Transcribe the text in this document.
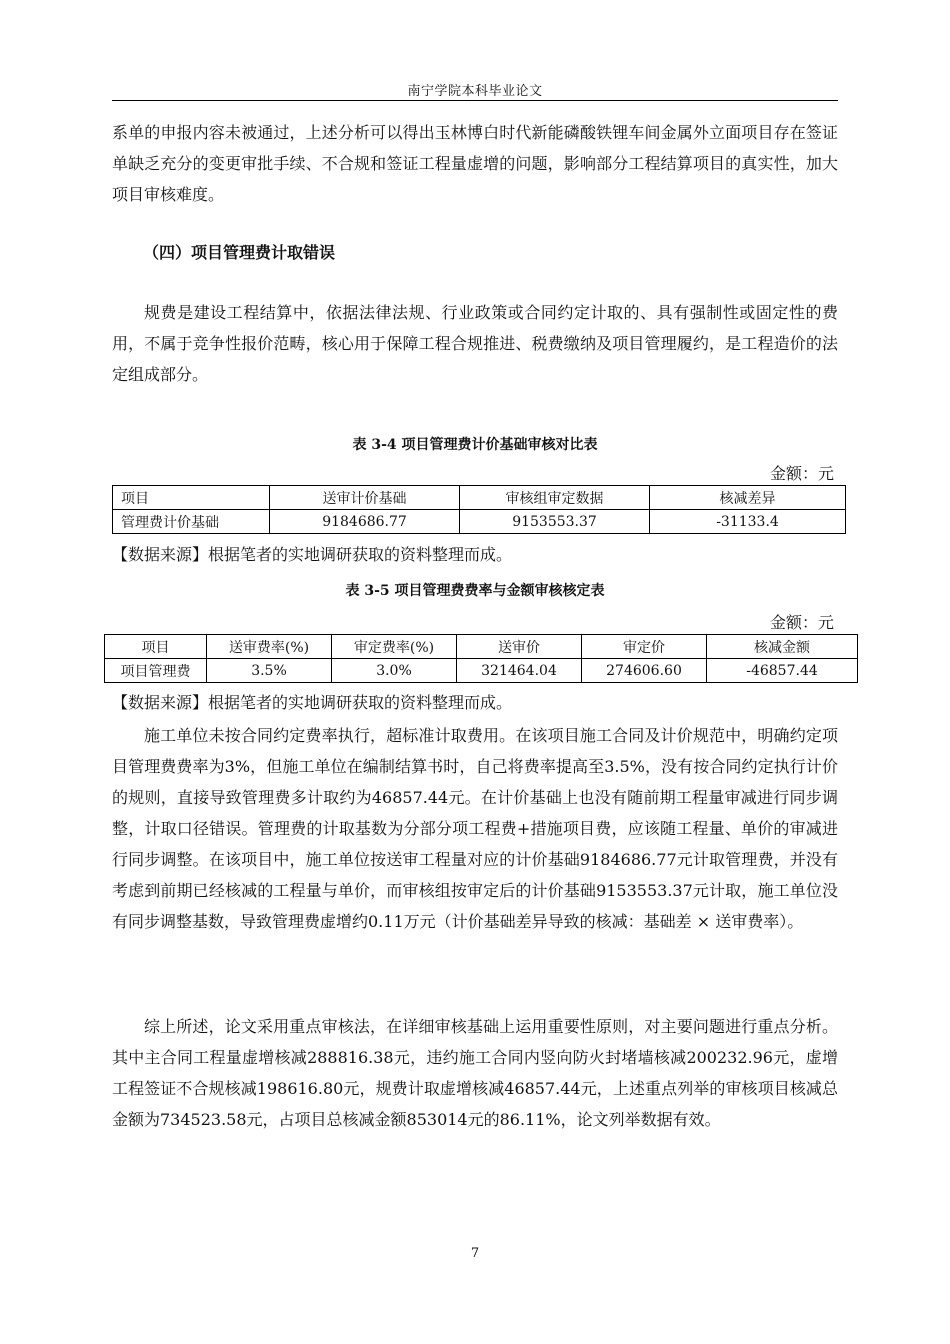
南宁学院本科毕业论文

系单的申报内容未被通过，上述分析可以得出玉林博白时代新能磷酸铁锂车间金属外立面项目存在签证单缺乏充分的变更审批手续、不合规和签证工程量虚增的问题，影响部分工程结算项目的真实性，加大项目审核难度。

（四）项目管理费计取错误

规费是建设工程结算中，依据法律法规、行业政策或合同约定计取的、具有强制性或固定性的费用，不属于竞争性报价范畴，核心用于保障工程合规推进、税费缴纳及项目管理履约，是工程造价的法定组成部分。

表 3-4 项目管理费计价基础审核对比表
金额：元
项目	送审计价基础	审核组审定数据	核减差异
管理费计价基础	9184686.77	9153553.37	-31133.4
【数据来源】根据笔者的实地调研获取的资料整理而成。
表 3-5 项目管理费费率与金额审核核定表
金额：元
项目	送审费率(%)	审定费率(%)	送审价	审定价	核减金额
项目管理费	3.5%	3.0%	321464.04	274606.60	-46857.44
【数据来源】根据笔者的实地调研获取的资料整理而成。

施工单位未按合同约定费率执行，超标准计取费用。在该项目施工合同及计价规范中，明确约定项目管理费费率为3%，但施工单位在编制结算书时，自己将费率提高至3.5%，没有按合同约定执行计价的规则，直接导致管理费多计取约为46857.44元。在计价基础上也没有随前期工程量审减进行同步调整，计取口径错误。管理费的计取基数为分部分项工程费+措施项目费，应该随工程量、单价的审减进行同步调整。在该项目中，施工单位按送审工程量对应的计价基础9184686.77元计取管理费，并没有考虑到前期已经核减的工程量与单价，而审核组按审定后的计价基础9153553.37元计取，施工单位没有同步调整基数，导致管理费虚增约0.11万元（计价基础差异导致的核减：基础差 × 送审费率）。

综上所述，论文采用重点审核法，在详细审核基础上运用重要性原则，对主要问题进行重点分析。其中主合同工程量虚增核减288816.38元，违约施工合同内竖向防火封堵墙核减200232.96元，虚增工程签证不合规核减198616.80元，规费计取虚增核减46857.44元，上述重点列举的审核项目核减总金额为734523.58元，占项目总核减金额853014元的86.11%，论文列举数据有效。

7
